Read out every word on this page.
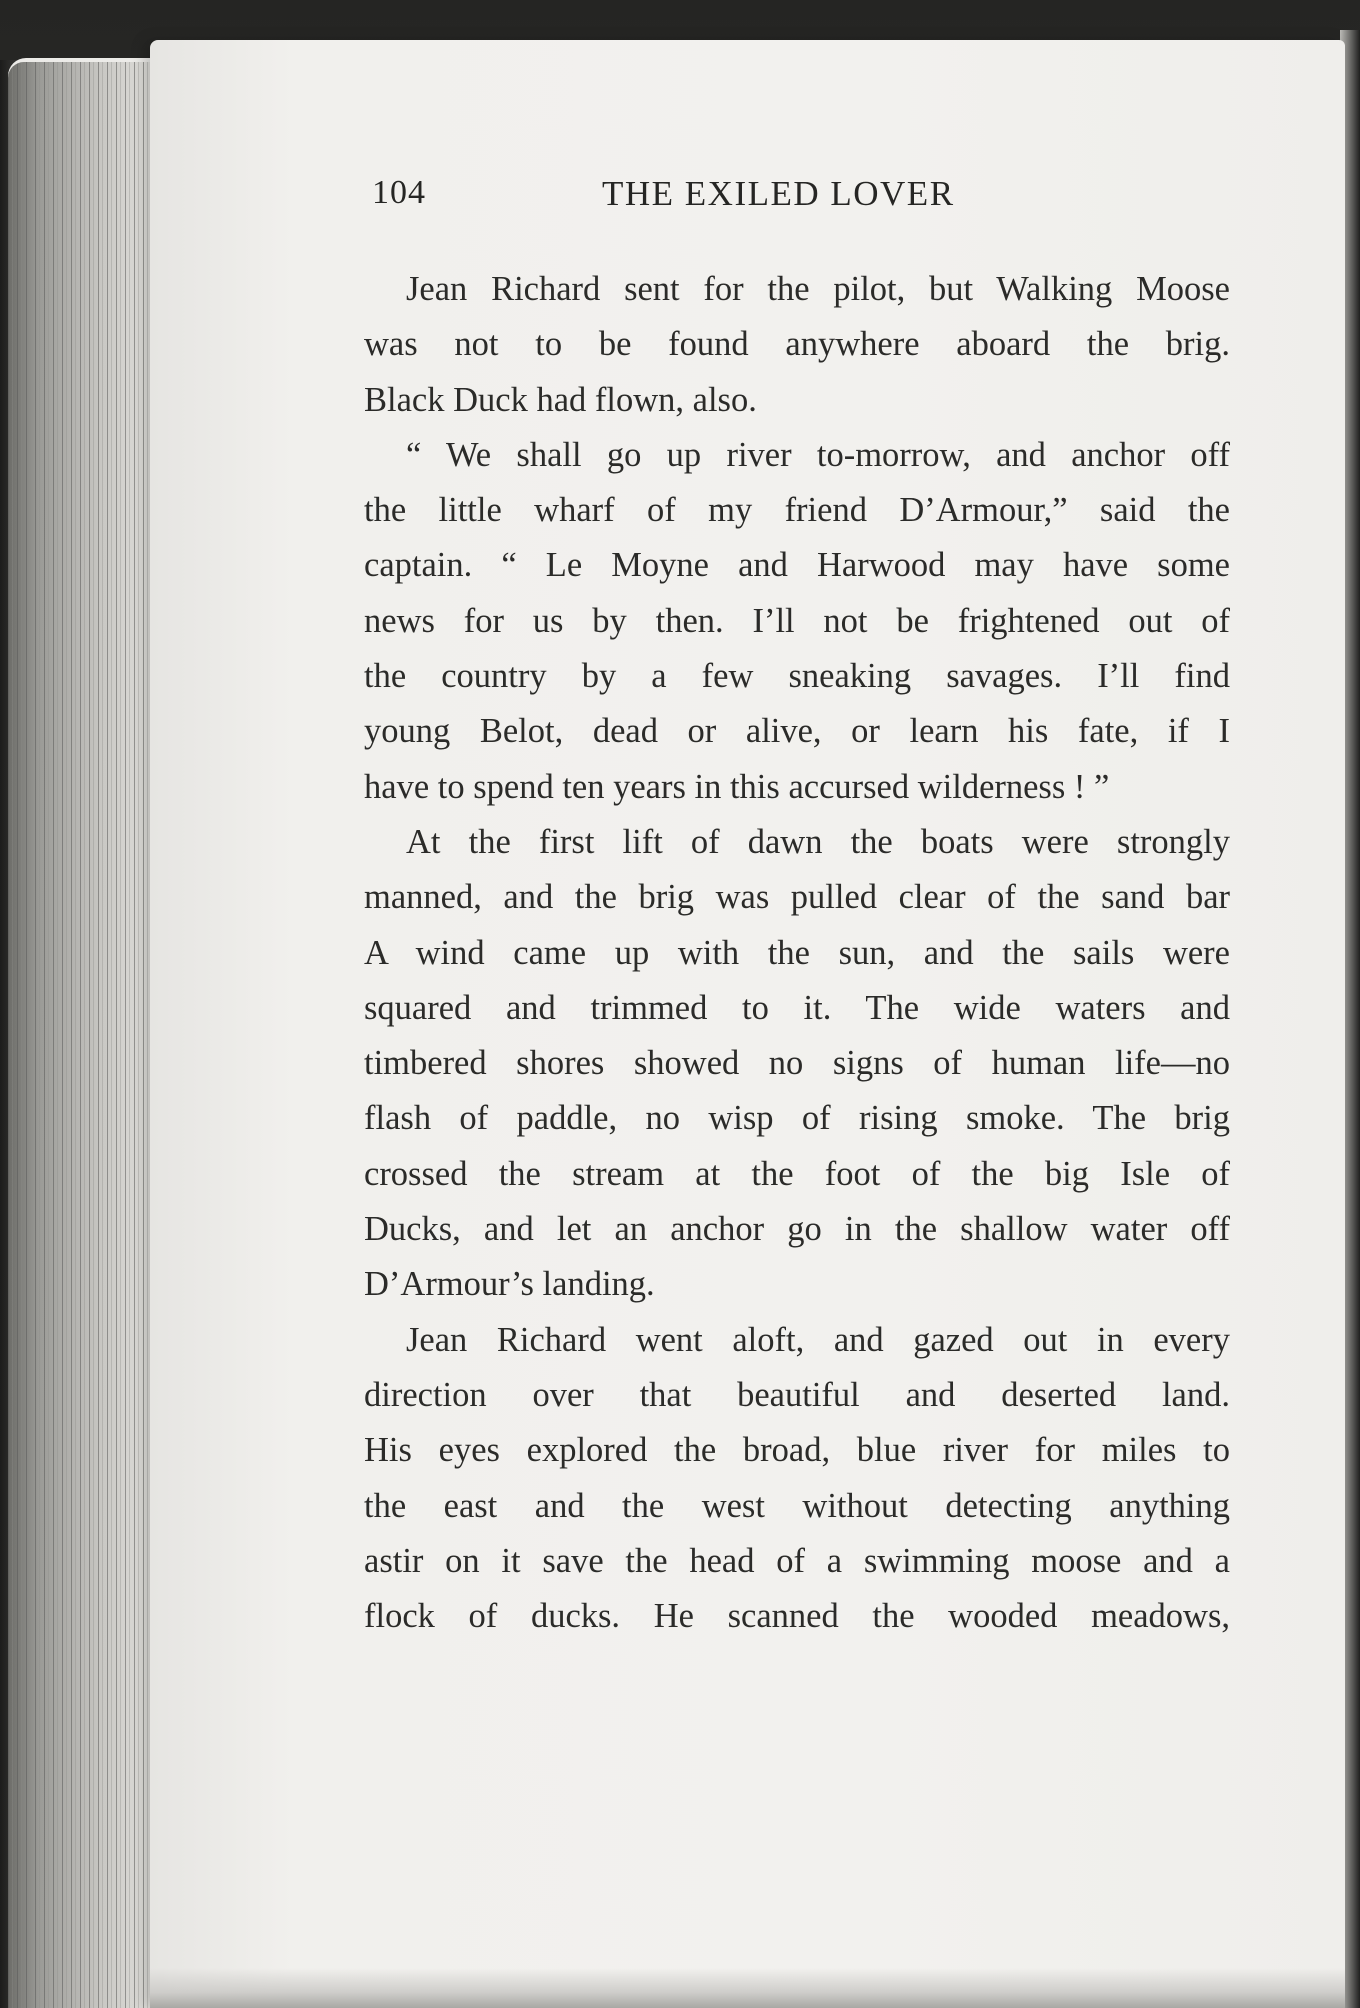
104	THE EXILED LOVER
Jean Richard sent for the pilot, but Walking Moose
was not to be found anywhere aboard the brig.
Black Duck had flown, also.
“ We shall go up river to-morrow, and anchor off
the little wharf of my friend D’Armour,” said the
captain. “ Le Moyne and Harwood may have some
news for us by then. I’ll not be frightened out of
the country by a few sneaking savages. I’ll find
young Belot, dead or alive, or learn his fate, if I
have to spend ten years in this accursed wilderness ! ”
At the first lift of dawn the boats were strongly
manned, and the brig was pulled clear of the sand bar
A wind came up with the sun, and the sails were
squared and trimmed to it. The wide waters and
timbered shores showed no signs of human life—no
flash of paddle, no wisp of rising smoke. The brig
crossed the stream at the foot of the big Isle of
Ducks, and let an anchor go in the shallow water off
D’Armour’s landing.
Jean Richard went aloft, and gazed out in every
direction over that beautiful and deserted land.
His eyes explored the broad, blue river for miles to
the east and the west without detecting anything
astir on it save the head of a swimming moose and a
flock of ducks. He scanned the wooded meadows,
